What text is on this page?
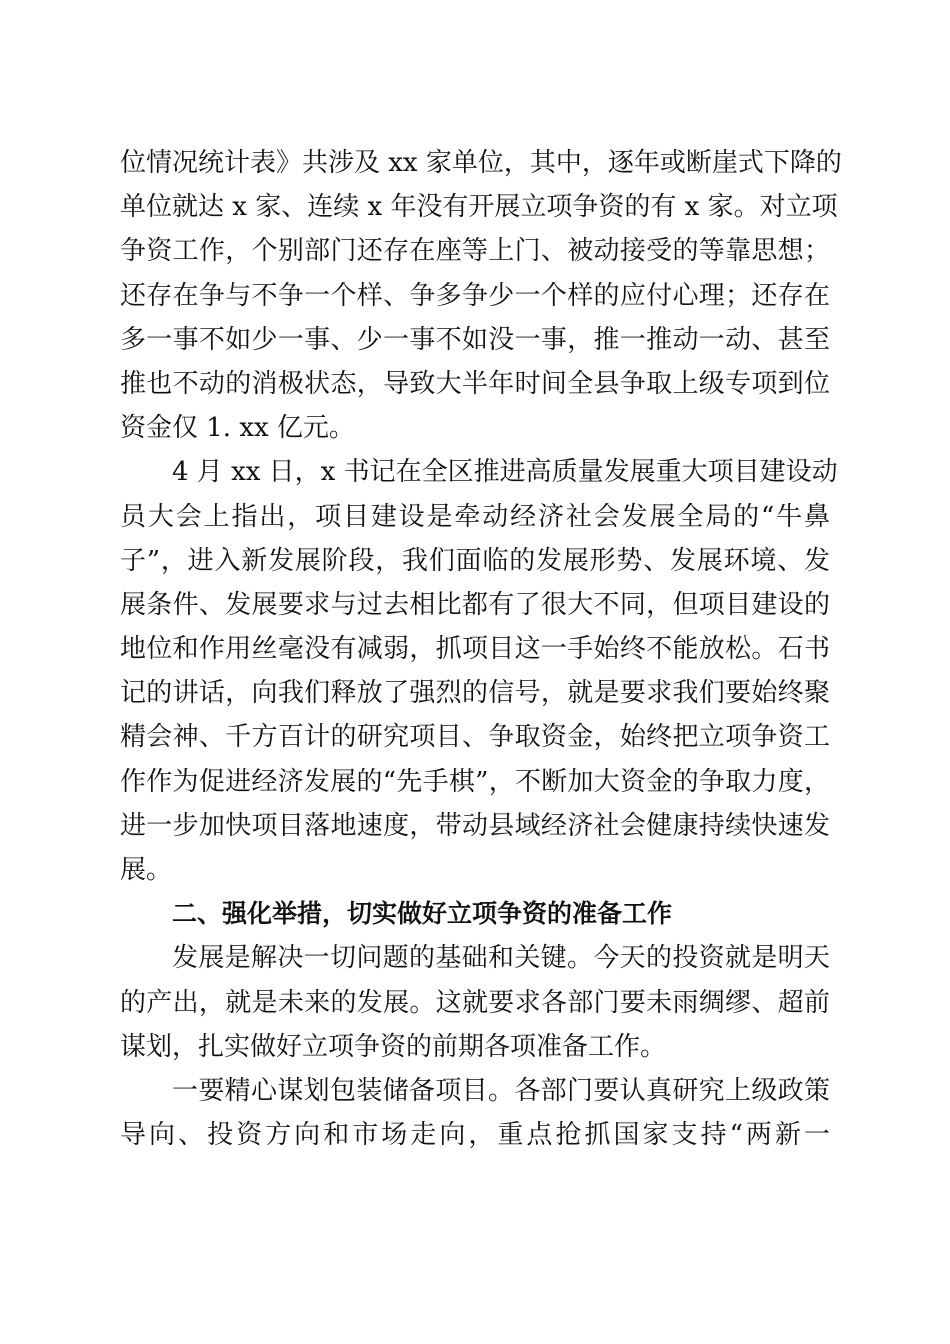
位情况统计表》共涉及 xx 家单位，其中，逐年或断崖式下降的
单位就达 x 家、连续 x 年没有开展立项争资的有 x 家。对立项
争资工作，个别部门还存在座等上门、被动接受的等靠思想；
还存在争与不争一个样、争多争少一个样的应付心理；还存在
多一事不如少一事、少一事不如没一事，推一推动一动、甚至
推也不动的消极状态，导致大半年时间全县争取上级专项到位
资金仅 1. xx 亿元。
4 月 xx 日，x 书记在全区推进高质量发展重大项目建设动
员大会上指出，项目建设是牵动经济社会发展全局的“牛鼻
子”，进入新发展阶段，我们面临的发展形势、发展环境、发
展条件、发展要求与过去相比都有了很大不同，但项目建设的
地位和作用丝毫没有减弱，抓项目这一手始终不能放松。石书
记的讲话，向我们释放了强烈的信号，就是要求我们要始终聚
精会神、千方百计的研究项目、争取资金，始终把立项争资工
作作为促进经济发展的“先手棋”，不断加大资金的争取力度，
进一步加快项目落地速度，带动县域经济社会健康持续快速发
展。
二、强化举措，切实做好立项争资的准备工作
发展是解决一切问题的基础和关键。今天的投资就是明天
的产出，就是未来的发展。这就要求各部门要未雨绸缪、超前
谋划，扎实做好立项争资的前期各项准备工作。
一要精心谋划包装储备项目。各部门要认真研究上级政策
导向、投资方向和市场走向，重点抢抓国家支持“两新一
